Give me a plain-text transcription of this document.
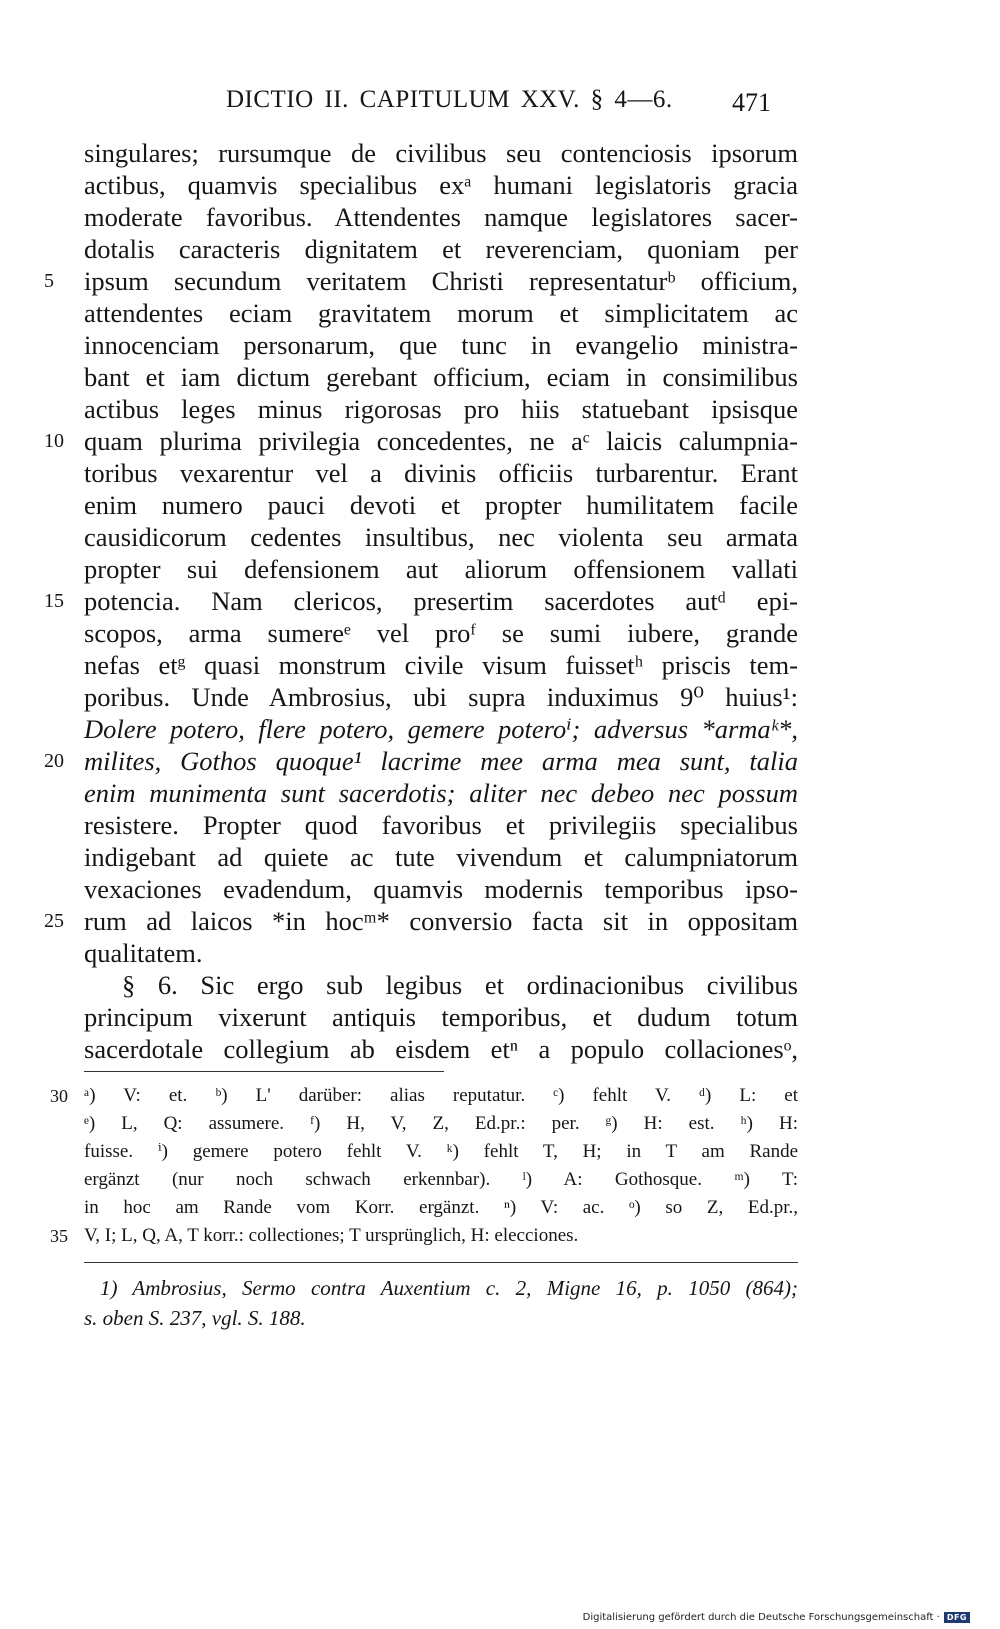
DICTIO II. CAPITULUM XXV. § 4—6. 471
singulares; rursumque de civilibus seu contenciosis ipsorum
actibus, quamvis specialibus exᵃ humani legislatoris gracia
moderate favoribus. Attendentes namque legislatores sacer-
dotalis caracteris dignitatem et reverenciam, quoniam per
ipsum secundum veritatem Christi representaturᵇ officium,
attendentes eciam gravitatem morum et simplicitatem ac
innocenciam personarum, que tunc in evangelio ministra-
bant et iam dictum gerebant officium, eciam in consimilibus
actibus leges minus rigorosas pro hiis statuebant ipsisque
quam plurima privilegia concedentes, ne aᶜ laicis calumpnia-
toribus vexarentur vel a divinis officiis turbarentur. Erant
enim numero pauci devoti et propter humilitatem facile
causidicorum cedentes insultibus, nec violenta seu armata
propter sui defensionem aut aliorum offensionem vallati
potencia. Nam clericos, presertim sacerdotes autᵈ epi-
scopos, arma sumereᵉ vel proᶠ se sumi iubere, grande
nefas etᵍ quasi monstrum civile visum fuissetʰ priscis tem-
poribus. Unde Ambrosius, ubi supra induximus 9⁰ huius¹:
Dolere potero, flere potero, gemere poteroⁱ; adversus *armaᵏ*,
milites, Gothos quoque¹ lacrime mee arma mea sunt, talia
enim munimenta sunt sacerdotis; aliter nec debeo nec possum
resistere. Propter quod favoribus et privilegiis specialibus
indigebant ad quiete ac tute vivendum et calumpniatorum
vexaciones evadendum, quamvis modernis temporibus ipso-
rum ad laicos *in hocᵐ* conversio facta sit in oppositam
qualitatem.
§ 6. Sic ergo sub legibus et ordinacionibus civilibus
principum vixerunt antiquis temporibus, et dudum totum
sacerdotale collegium ab eisdem etⁿ a populo collacionesᵒ,
5
10
15
20
25
30
35
ᵃ) V: et. ᵇ) L' darüber: alias reputatur. ᶜ) fehlt V. ᵈ) L: et
ᵉ) L, Q: assumere. ᶠ) H, V, Z, Ed.pr.: per. ᵍ) H: est. ʰ) H:
fuisse. ⁱ) gemere potero fehlt V. ᵏ) fehlt T, H; in T am Rande
ergänzt (nur noch schwach erkennbar). ˡ) A: Gothosque. ᵐ) T:
in hoc am Rande vom Korr. ergänzt. ⁿ) V: ac. ᵒ) so Z, Ed.pr.,
V, I; L, Q, A, T korr.: collectiones; T ursprünglich, H: elecciones.
1) Ambrosius, Sermo contra Auxentium c. 2, Migne 16, p. 1050 (864);
s. oben S. 237, vgl. S. 188.
Digitalisierung gefördert durch die Deutsche Forschungsgemeinschaft · DFG
